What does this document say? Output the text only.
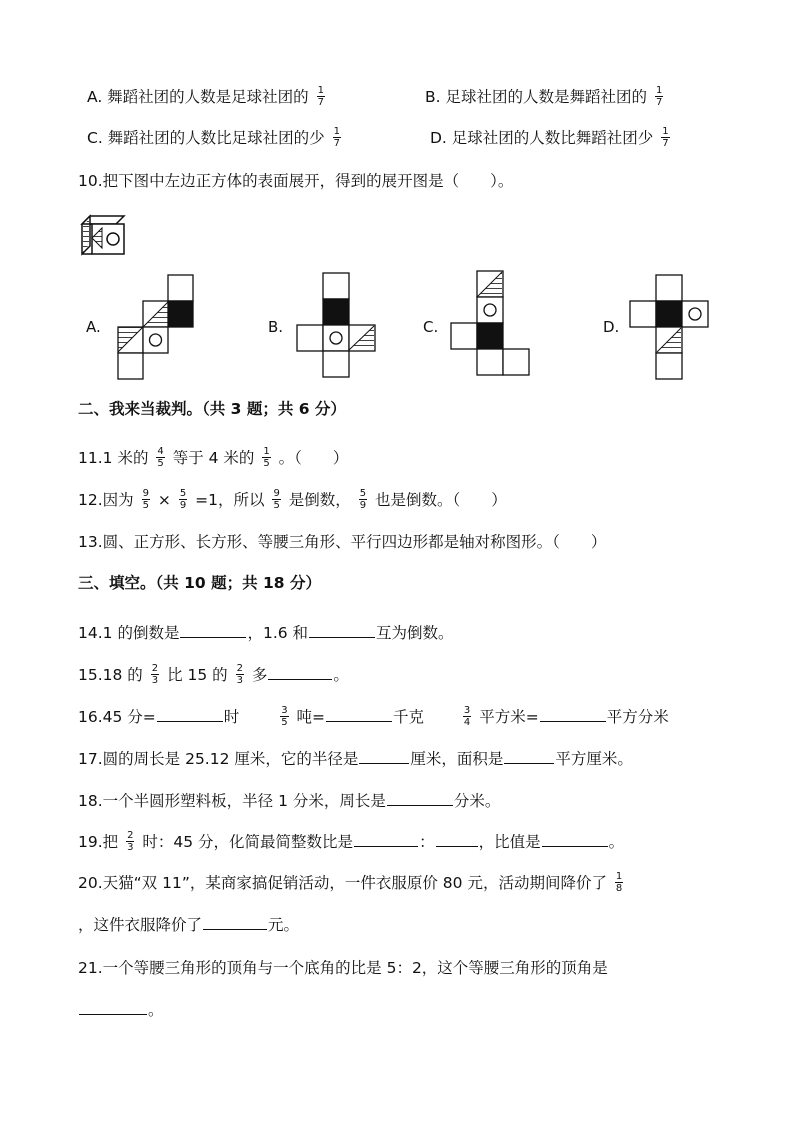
A. 舞蹈社团的人数是足球社团的 $\frac{1}{7}$	B. 足球社团的人数是舞蹈社团的 $\frac{1}{7}$
C. 舞蹈社团的人数比足球社团的少 $\frac{1}{7}$	D. 足球社团的人数比舞蹈社团少 $\frac{1}{7}$
10.把下图中左边正方体的表面展开，得到的展开图是（　　）。
A.	B.	C.	D.
二、我来当裁判。（共 3 题；共 6 分）
11.1 米的 $\frac{4}{5}$ 等于 4 米的 $\frac{1}{5}$ 。（　　）
12.因为 $\frac{9}{5} \times \frac{5}{9} =1$，所以 $\frac{9}{5}$ 是倒数， $\frac{5}{9}$ 也是倒数。（　　）
13.圆、正方形、长方形、等腰三角形、平行四边形都是轴对称图形。（　　）
三、填空。（共 10 题；共 18 分）
14.1 的倒数是	，1.6 和	互为倒数。
15.18 的 $\frac{2}{3}$ 比 15 的 $\frac{2}{3}$ 多	。
16.45 分=	时	$\frac{3}{5}$ 吨=	千克	$\frac{3}{4}$ 平方米=	平方分米
17.圆的周长是 25.12 厘米，它的半径是	厘米，面积是	平方厘米。
18.一个半圆形塑料板，半径 1 分米，周长是	分米。
19.把 $\frac{2}{3}$ 时：45 分，化简最简整数比是	：	，比值是	。
20.天猫“双 11”，某商家搞促销活动，一件衣服原价 80 元，活动期间降价了 $\frac{1}{8}$
，这件衣服降价了	元。
21.一个等腰三角形的顶角与一个底角的比是 5：2，这个等腰三角形的顶角是
。
